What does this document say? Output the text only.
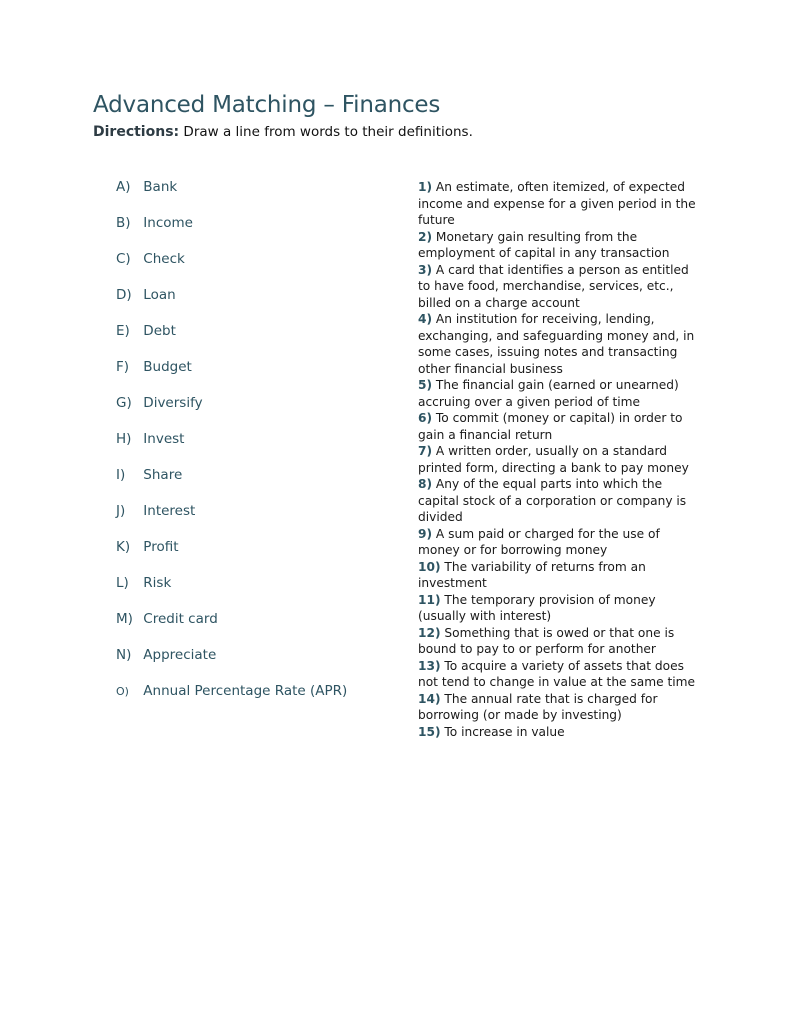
Advanced Matching – Finances
Directions: Draw a line from words to their definitions.
A) Bank
B) Income
C) Check
D) Loan
E) Debt
F) Budget
G) Diversify
H) Invest
I) Share
J) Interest
K) Profit
L) Risk
M) Credit card
N) Appreciate
O) Annual Percentage Rate (APR)
1) An estimate, often itemized, of expected income and expense for a given period in the future
2) Monetary gain resulting from the employment of capital in any transaction
3) A card that identifies a person as entitled to have food, merchandise, services, etc., billed on a charge account
4) An institution for receiving, lending, exchanging, and safeguarding money and, in some cases, issuing notes and transacting other financial business
5) The financial gain (earned or unearned) accruing over a given period of time
6) To commit (money or capital) in order to gain a financial return
7) A written order, usually on a standard printed form, directing a bank to pay money
8) Any of the equal parts into which the capital stock of a corporation or company is divided
9) A sum paid or charged for the use of money or for borrowing money
10) The variability of returns from an investment
11) The temporary provision of money (usually with interest)
12) Something that is owed or that one is bound to pay to or perform for another
13) To acquire a variety of assets that does not tend to change in value at the same time
14) The annual rate that is charged for borrowing (or made by investing)
15) To increase in value
